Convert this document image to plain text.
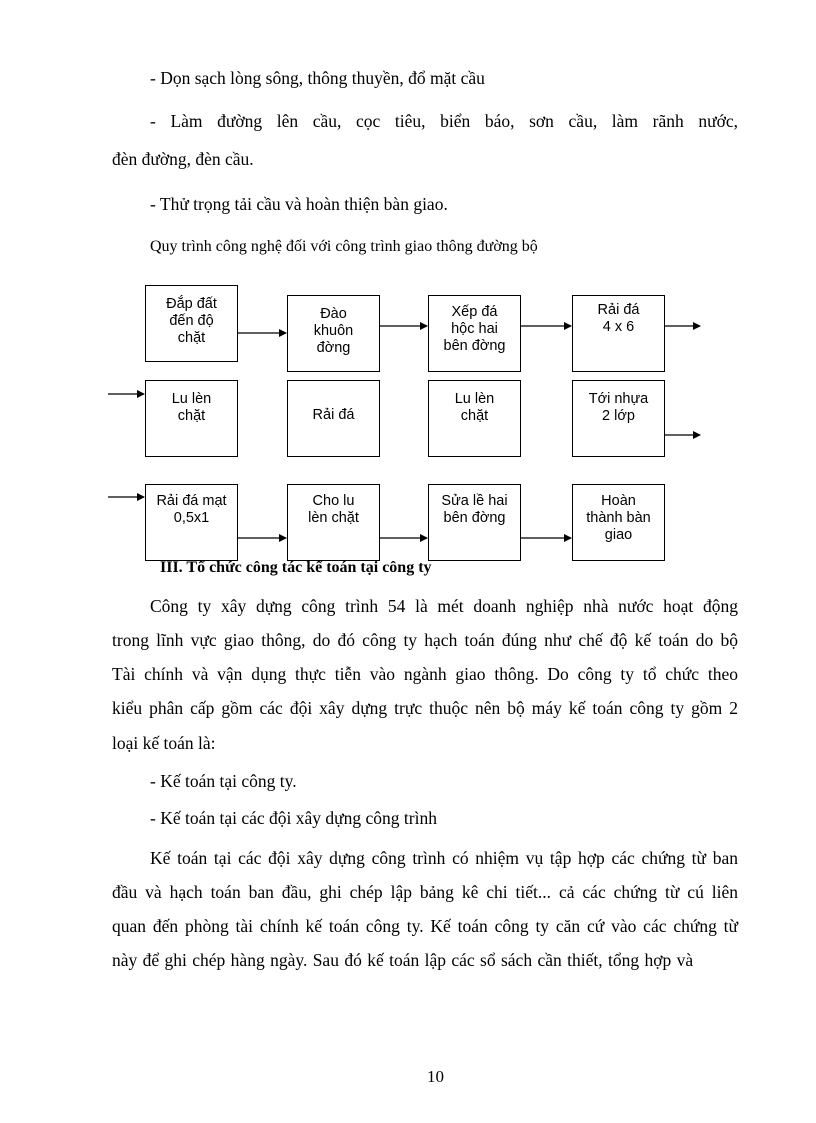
- Dọn sạch lòng sông, thông thuyền, đổ mặt cầu
- Làm đường lên cầu, cọc tiêu, biển báo, sơn cầu, làm rãnh nước,
đèn đường, đèn cầu.
- Thử trọng tải cầu và hoàn thiện bàn giao.
Quy trình công nghệ đối với công trình giao thông đường bộ
Đắp đất
đến độ
chặt
Đào
khuôn
đờng
Xếp đá
hộc hai
bên đờng
Rải đá
4 x 6
Lu lèn
chặt	Rải đá
Lu lèn
chặt
Tới nhựa
2 lớp
Rải đá mạt
0,5x1
Cho lu
lèn chặt
Sửa lề hai
bên đờng
Hoàn
thành bàn
giao
III. Tổ chức công tác kế toán tại công ty
Công ty xây dựng công trình 54 là mét doanh nghiệp nhà nước hoạt động
trong lĩnh vực giao thông, do đó công ty hạch toán đúng như chế độ kế toán do bộ
Tài chính và vận dụng thực tiễn vào ngành giao thông. Do công ty tổ chức theo
kiểu phân cấp gồm các đội xây dựng trực thuộc nên bộ máy kế toán công ty gồm 2
loại kế toán là:
- Kế toán tại công ty.
- Kế toán tại các đội xây dựng công trình
Kế toán tại các đội xây dựng công trình có nhiệm vụ tập hợp các chứng từ ban
đầu và hạch toán ban đầu, ghi chép lập bảng kê chi tiết... cả các chứng từ cú liên
quan đến phòng tài chính kế toán công ty. Kế toán công ty căn cứ vào các chứng từ
này để ghi chép hàng ngày. Sau đó kế toán lập các sổ sách cần thiết, tổng hợp và
10
